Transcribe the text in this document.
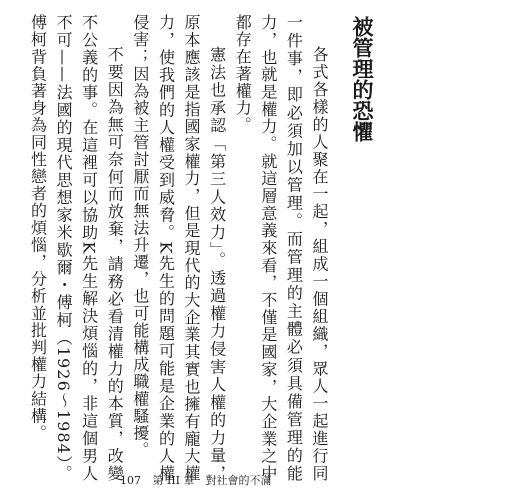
被管理的恐懼

各式各樣的人聚在一起，組成一個組織，眾人一起進行同一件事，即必須加以管理。而管理的主體必須具備管理的能力，也就是權力。就這層意義來看，不僅是國家，大企業之中都存在著權力。

憲法也承認「第三人效力」。透過權力侵害人權的力量，原本應該是指國家權力，但是現代的大企業其實也擁有龐大權力，使我們的人權受到威脅。K先生的問題可能是企業的人權侵害；因為被主管討厭而無法升遷，也可能構成職權騷擾。

不要因為無可奈何而放棄，請務必看清權力的本質，改變不公義的事。在這裡可以協助K先生解決煩惱的，非這個男人不可——法國的現代思想家米歇爾・傅柯（1926～1984）。傅柯背負著身為同性戀者的煩惱，分析並批判權力結構。

107 第 III 章　對社會的不滿
